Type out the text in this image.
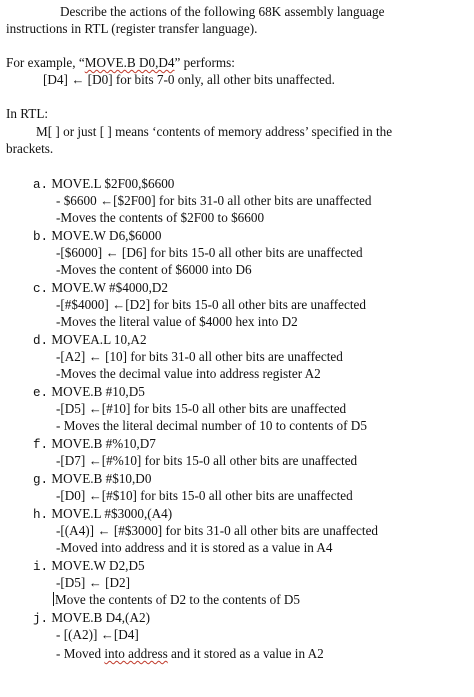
Describe the actions of the following 68K assembly language
instructions in RTL (register transfer language).
For example, “MOVE.B D0,D4” performs:
[D4] ← [D0] for bits 7-0 only, all other bits unaffected.
In RTL:
M[ ] or just [ ] means ‘contents of memory address’ specified in the
brackets.
a. MOVE.L $2F00,$6600
- $6600 ←[$2F00] for bits 31-0 all other bits are unaffected
-Moves the contents of $2F00 to $6600
b. MOVE.W D6,$6000
-[$6000] ← [D6] for bits 15-0 all other bits are unaffected
-Moves the content of $6000 into D6
c. MOVE.W #$4000,D2
-[#$4000] ←[D2] for bits 15-0 all other bits are unaffected
-Moves the literal value of $4000 hex into D2
d. MOVEA.L 10,A2
-[A2] ← [10] for bits 31-0 all other bits are unaffected
-Moves the decimal value into address register A2
e. MOVE.B #10,D5
-[D5] ←[#10] for bits 15-0 all other bits are unaffected
- Moves the literal decimal number of 10 to contents of D5
f. MOVE.B #%10,D7
-[D7] ←[#%10] for bits 15-0 all other bits are unaffected
g. MOVE.B #$10,D0
-[D0] ←[#$10] for bits 15-0 all other bits are unaffected
h. MOVE.L #$3000,(A4)
-[(A4)] ← [#$3000] for bits 31-0 all other bits are unaffected
-Moved into address and it is stored as a value in A4
i. MOVE.W D2,D5
-[D5] ← [D2]
Move the contents of D2 to the contents of D5
j. MOVE.B D4,(A2)
- [(A2)] ←[D4]
- Moved into address and it stored as a value in A2
